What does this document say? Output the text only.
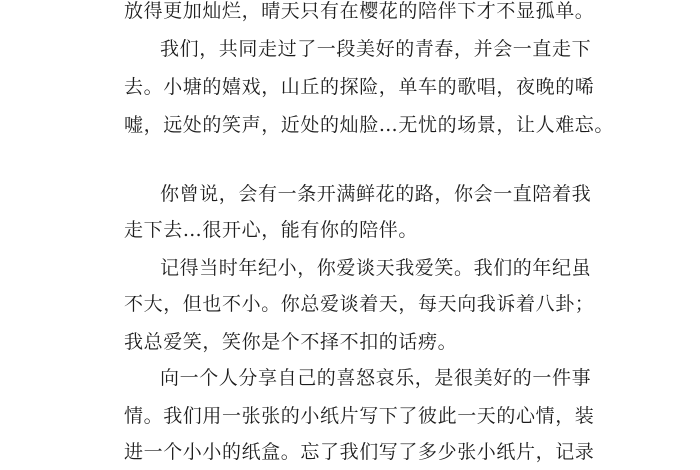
放得更加灿烂，晴天只有在樱花的陪伴下才不显孤单。
我们，共同走过了一段美好的青春，并会一直走下
去。小塘的嬉戏，山丘的探险，单车的歌唱，夜晚的唏
嘘，远处的笑声，近处的灿脸…无忧的场景，让人难忘。
你曾说，会有一条开满鲜花的路，你会一直陪着我
走下去…很开心，能有你的陪伴。
记得当时年纪小，你爱谈天我爱笑。我们的年纪虽
不大，但也不小。你总爱谈着天，每天向我诉着八卦；
我总爱笑，笑你是个不择不扣的话痨。
向一个人分享自己的喜怒哀乐，是很美好的一件事
情。我们用一张张的小纸片写下了彼此一天的心情，装
进一个小小的纸盒。忘了我们写了多少张小纸片，记录
